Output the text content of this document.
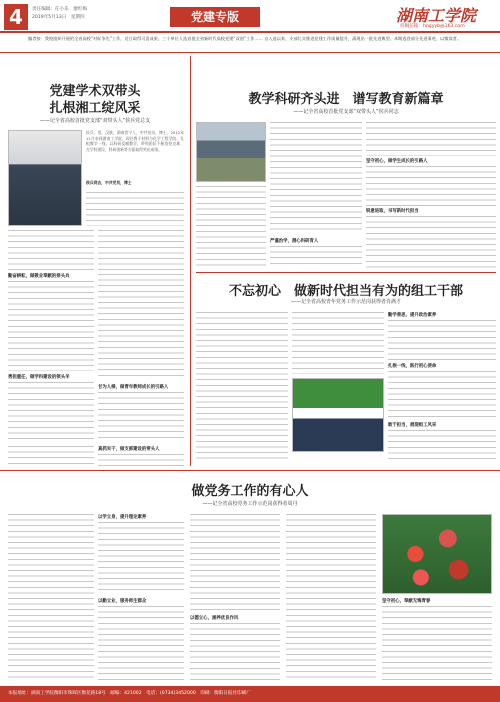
4	责任编辑：任小乐　廖红梅
2019年5月13日　星期四	党建专版	湖南工学院
投稿信箱：hngyyb@163.com
编者按：我校组织开展的全省高校“对标争先”工作，近日取得可喜成果。三个单位入选首批全省新时代高校党建“双创”工作…… 自入选以来，支部扎实推进党建工作质量提升，涌现出一批先进典型。本期选登部分先进事迹，以飨读者。
党建学术双带头
扎根湘工绽风采
——记全省高校首批党支部“双带头人”侯兵党总支
侯兵，男，汉族，湖南常宁人，中共党员，博士，2012年11月来到湖南工学院，现任教于材料与化学工程学院。扎根教学一线，以科研反哺教学，带领团队不断攻坚克难，在学科建设、科研创新等方面取得突出成绩。
侯兵同志，中共党员，博士
勤奋耕耘，做敬业奉献的排头兵
勇担重任，做学科建设的领头羊
甘为人梯，做青年教师成长的引路人
真抓实干，做支部建设的带头人
教学科研齐头进　谱写教育新篇章
——记全省高校首批党支部“双带头人”侯兵同志
严谨治学，潜心科研育人
坚守初心，做学生成长的引路人
锐意进取，书写新时代担当
不忘初心　做新时代担当有为的组工干部
——记全省高校青年党务工作示范岗获得者肖满才
勤学善思，提升政治素养
扎根一线，践行初心使命
敢于担当，展现组工风采
做党务工作的有心人
——记全省高校党务工作示范岗获得者周丹
以学立身，提升理论素养
以勤立业，服务师生群众
以德立心，涵养优良作风
坚守初心，奉献无悔青春
本报地址：湖南工学院衡阳市珠晖区衡花路18号　邮编：421002　电话：(0734)3452000　印刷：衡阳日报社印刷厂
